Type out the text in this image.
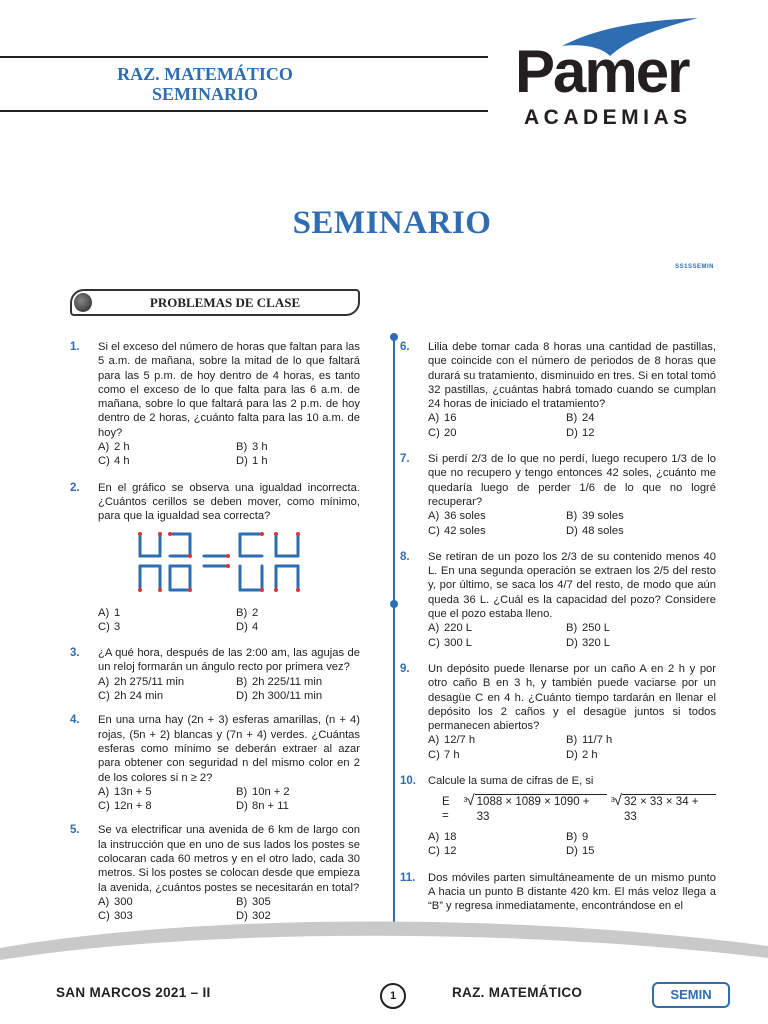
RAZ. MATEMÁTICO
SEMINARIO	Pamer
ACADEMIAS
SEMINARIO
SS1SSEMIN
PROBLEMAS DE CLASE
1.	Si el exceso del número de horas que faltan para las 5 a.m. de mañana, sobre la mitad de lo que faltará para las 5 p.m. de hoy dentro de 4 horas, es tanto como el exceso de lo que falta para las 6 a.m. de mañana, sobre lo que faltará para las 2 p.m. de hoy dentro de 2 horas, ¿cuánto falta para las 10 a.m. de hoy?
A) 2 h	B) 3 h
C) 4 h	D) 1 h
2.	En el gráfico se observa una igualdad incorrecta. ¿Cuántos cerillos se deben mover, como mínimo, para que la igualdad sea correcta?
A) 1	B) 2
C) 3	D) 4
3.	¿A qué hora, después de las 2:00 am, las agujas de un reloj formarán un ángulo recto por primera vez?
A) 2h 275/11 min	B) 2h 225/11 min
C) 2h 24 min	D) 2h 300/11 min
4.	En una urna hay (2n + 3) esferas amarillas, (n + 4) rojas, (5n + 2) blancas y (7n + 4) verdes. ¿Cuántas esferas como mínimo se deberán extraer al azar para obtener con seguridad n del mismo color en 2 de los colores si n ≥ 2?
A) 13n + 5	B) 10n + 2
C) 12n + 8	D) 8n + 11
5.	Se va electrificar una avenida de 6 km de largo con la instrucción que en uno de sus lados los postes se colocaran cada 60 metros y en el otro lado, cada 30 metros. Si los postes se colocan desde que empieza la avenida, ¿cuántos postes se necesitarán en total?
A) 300	B) 305
C) 303	D) 302
6.	Lilia debe tomar cada 8 horas una cantidad de pastillas, que coincide con el número de periodos de 8 horas que durará su tratamiento, disminuido en tres. Si en total tomó 32 pastillas, ¿cuántas habrá tomado cuando se cumplan 24 horas de iniciado el tratamiento?
A) 16	B) 24
C) 20	D) 12
7.	Si perdí 2/3 de lo que no perdí, luego recupero 1/3 de lo que no recupero y tengo entonces 42 soles, ¿cuánto me quedaría luego de perder 1/6 de lo que no logré recuperar?
A) 36 soles	B) 39 soles
C) 42 soles	D) 48 soles
8.	Se retiran de un pozo los 2/3 de su contenido menos 40 L. En una segunda operación se extraen los 2/5 del resto y, por último, se saca los 4/7 del resto, de modo que aún queda 36 L. ¿Cuál es la capacidad del pozo? Considere que el pozo estaba lleno.
A) 220 L	B) 250 L
C) 300 L	D) 320 L
9.	Un depósito puede llenarse por un caño A en 2 h y por otro caño B en 3 h, y también puede vaciarse por un desagüe C en 4 h. ¿Cuánto tiempo tardarán en llenar el depósito los 2 caños y el desagüe juntos si todos permanecen abiertos?
A) 12/7 h	B) 11/7 h
C) 7 h	D) 2 h
10.	Calcule la suma de cifras de E, si
E =
3 √ 1088 × 1089 × 1090 + 33
3 √ 32 × 33 × 34 + 33
A) 18	B) 9
C) 12	D) 15
11.	Dos móviles parten simultáneamente de un mismo punto A hacia un punto B distante 420 km. El más veloz llega a “B” y regresa inmediatamente, encontrándose en el
SAN MARCOS 2021 – II	1	RAZ. MATEMÁTICO	SEMIN
